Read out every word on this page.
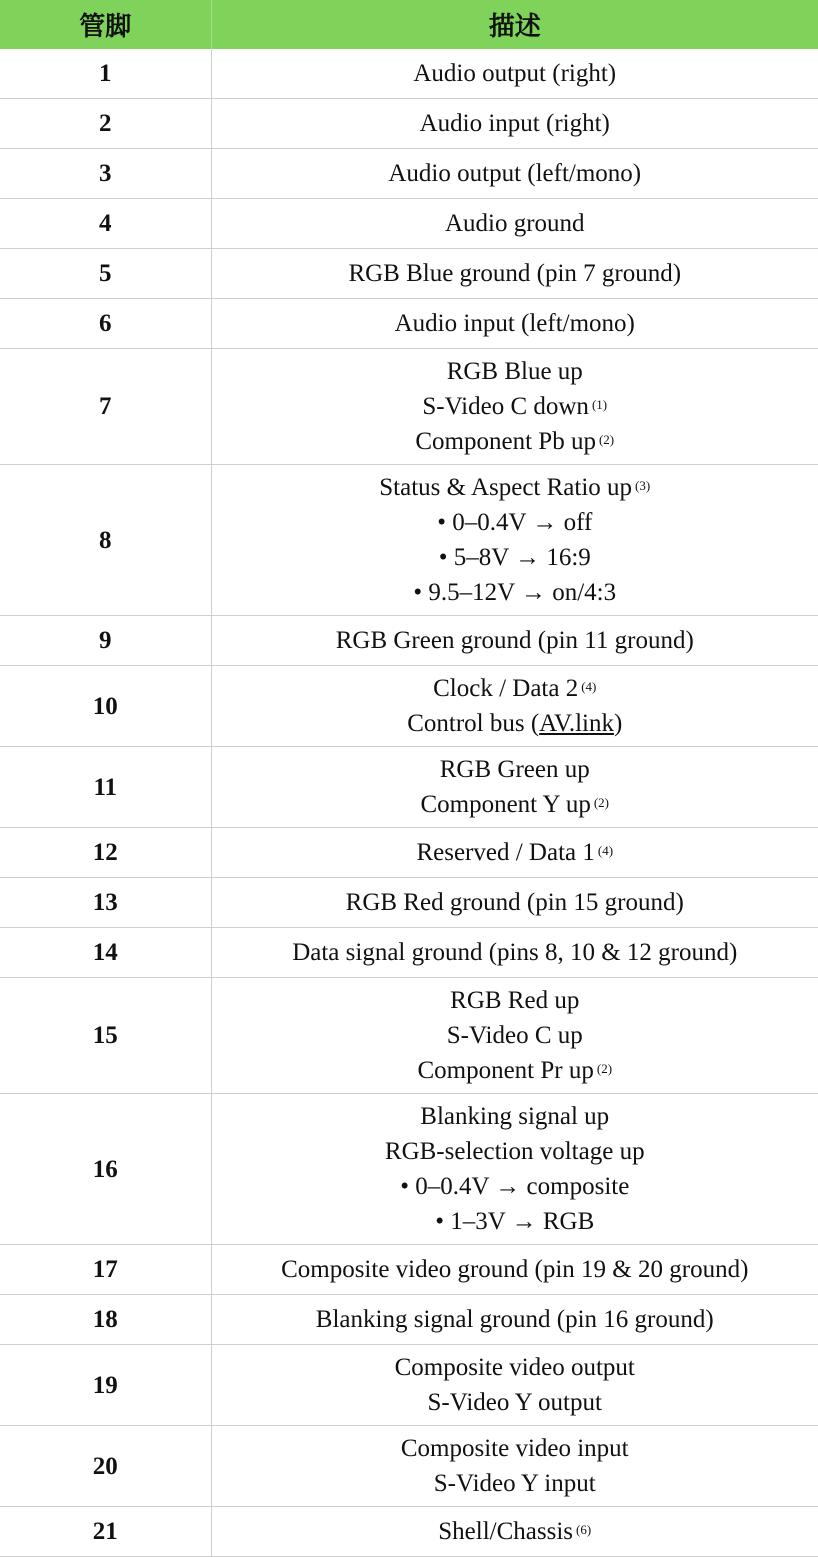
管脚	描述
1	Audio output (right)

2	Audio input (right)

3	Audio output (left/mono)

4	Audio ground

5	RGB Blue ground (pin 7 ground)

6	Audio input (left/mono)

7	RGB Blue up
S-Video C down $^{(1)}$
Component Pb up $^{(2)}$

8	Status & Aspect Ratio up $^{(3)}$
• 0–0.4V → off
• 5–8V → 16:9
• 9.5–12V → on/4:3

9	RGB Green ground (pin 11 ground)

10	Clock / Data 2 $^{(4)}$
Control bus (AV.link)

11	RGB Green up
Component Y up $^{(2)}$

12	Reserved / Data 1 $^{(4)}$

13	RGB Red ground (pin 15 ground)

14	Data signal ground (pins 8, 10 & 12 ground)

15	RGB Red up
S-Video C up
Component Pr up $^{(2)}$

16	Blanking signal up
RGB-selection voltage up
• 0–0.4V → composite
• 1–3V → RGB

17	Composite video ground (pin 19 & 20 ground)

18	Blanking signal ground (pin 16 ground)

19	Composite video output
S-Video Y output

20	Composite video input
S-Video Y input

21	Shell/Chassis $^{(6)}$
